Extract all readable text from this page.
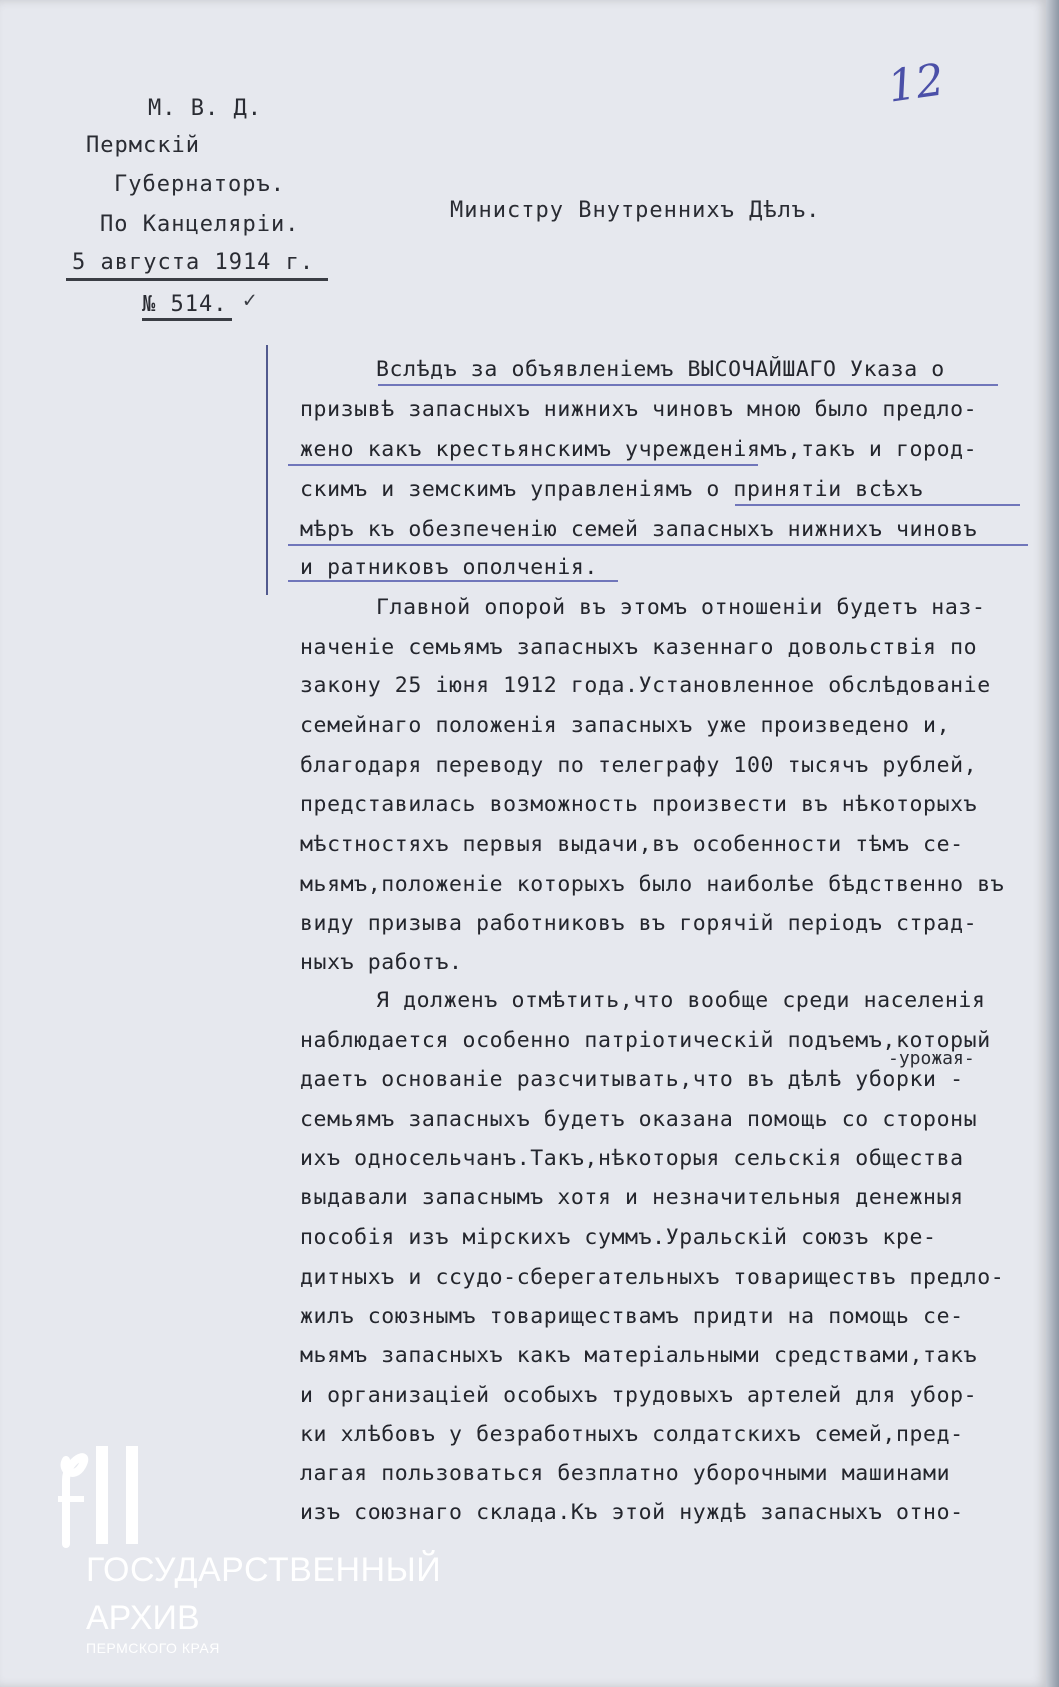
12
М. В. Д.
Пермскій
Губернаторъ.
По Канцеляріи.
5 августа 1914 г.
№ 514. ✓
Министру Внутреннихъ Дѣлъ.
Вслѣдъ за объявленіемъ ВЫСОЧАЙШАГО Указа о
призывѣ запасныхъ нижнихъ чиновъ мною было предло-
жено какъ крестьянскимъ учрежденіямъ,такъ и город-
скимъ и земскимъ управленіямъ о принятіи всѣхъ
мѣръ къ обезпеченію семей запасныхъ нижнихъ чиновъ
и ратниковъ ополченія.
Главной опорой въ этомъ отношеніи будетъ наз-
наченіе семьямъ запасныхъ казеннаго довольствія по
закону 25 іюня 1912 года.Установленное обслѣдованіе
семейнаго положенія запасныхъ уже произведено и,
благодаря переводу по телеграфу 100 тысячъ рублей,
представилась возможность произвести въ нѣкоторыхъ
мѣстностяхъ первыя выдачи,въ особенности тѣмъ се-
мьямъ,положеніе которыхъ было наиболѣе бѣдственно въ
виду призыва работниковъ въ горячій періодъ страд-
ныхъ работъ.
Я долженъ отмѣтить,что вообще среди населенія
наблюдается особенно патріотическій подъемъ,который
даетъ основаніе разсчитывать,что въ дѣлѣ уборки -
семьямъ запасныхъ будетъ оказана помощь со стороны
ихъ односельчанъ.Такъ,нѣкоторыя сельскія общества
выдавали запаснымъ хотя и незначительныя денежныя
пособія изъ мірскихъ суммъ.Уральскій союзъ кре-
дитныхъ и ссудо-сберегательныхъ товариществъ предло-
жилъ союзнымъ товариществамъ придти на помощь се-
мьямъ запасныхъ какъ матеріальными средствами,такъ
и организаціей особыхъ трудовыхъ артелей для убор-
ки хлѣбовъ у безработныхъ солдатскихъ семей,пред-
лагая пользоваться безплатно уборочными машинами
изъ союзнаго склада.Къ этой нуждѣ запасныхъ отно-
-урожая-
ГОСУДАРСТВЕННЫЙ
АРХИВ
ПЕРМСКОГО КРАЯ
